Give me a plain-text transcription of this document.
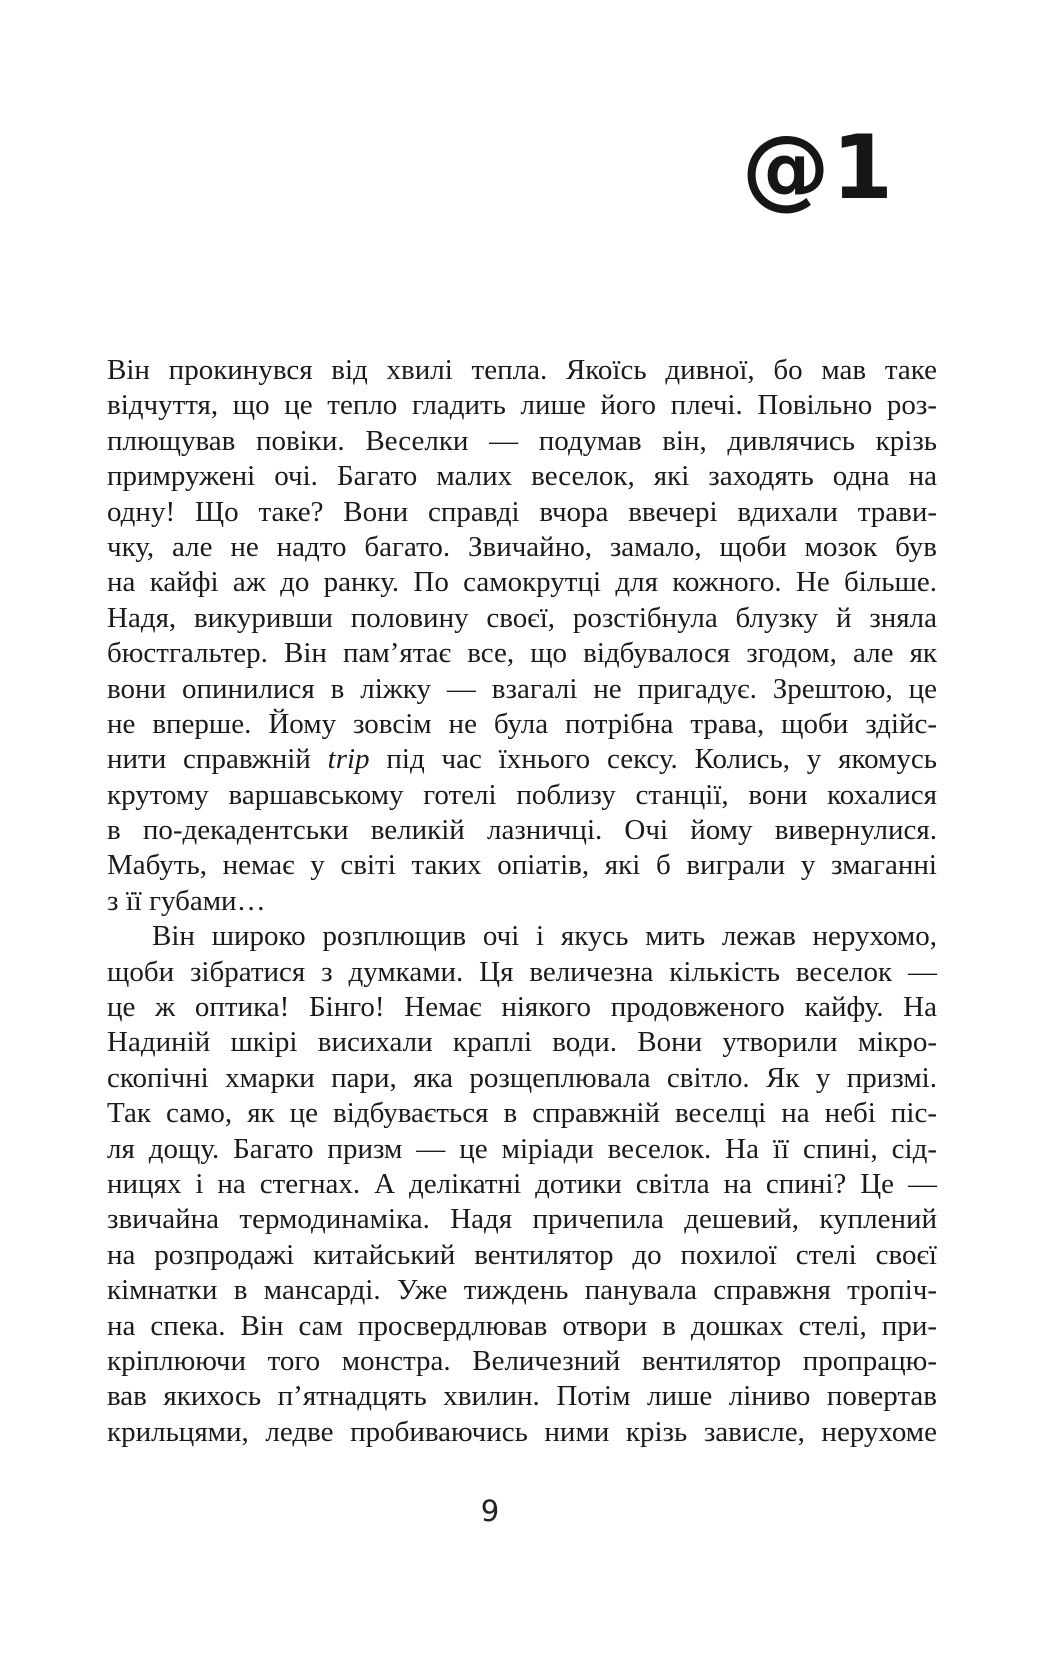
@1
Він прокинувся від хвилі тепла. Якоїсь дивної, бо мав таке
відчуття, що це тепло гладить лише його плечі. Повільно роз-
плющував повіки. Веселки — подумав він, дивлячись крізь
примружені очі. Багато малих веселок, які заходять одна на
одну! Що таке? Вони справді вчора ввечері вдихали трави-
чку, але не надто багато. Звичайно, замало, щоби мозок був
на кайфі аж до ранку. По самокрутці для кожного. Не більше.
Надя, викуривши половину своєї, розстібнула блузку й зняла
бюстгальтер. Він пам’ятає все, що відбувалося згодом, але як
вони опинилися в ліжку — взагалі не пригадує. Зрештою, це
не вперше. Йому зовсім не була потрібна трава, щоби здійс-
нити справжній trip під час їхнього сексу. Колись, у якомусь
крутому варшавському готелі поблизу станції, вони кохалися
в по-декадентськи великій лазничці. Очі йому вивернулися.
Мабуть, немає у світі таких опіатів, які б виграли у змаганні
з її губами…
Він широко розплющив очі і якусь мить лежав нерухомо,
щоби зібратися з думками. Ця величезна кількість веселок —
це ж оптика! Бінго! Немає ніякого продовженого кайфу. На
Надиній шкірі висихали краплі води. Вони утворили мікро-
скопічні хмарки пари, яка розщеплювала світло. Як у призмі.
Так само, як це відбувається в справжній веселці на небі піс-
ля дощу. Багато призм — це міріади веселок. На її спині, сід-
ницях і на стегнах. А делікатні дотики світла на спині? Це —
звичайна термодинаміка. Надя причепила дешевий, куплений
на розпродажі китайський вентилятор до похилої стелі своєї
кімнатки в мансарді. Уже тиждень панувала справжня тропіч-
на спека. Він сам просвердлював отвори в дошках стелі, при-
кріплюючи того монстра. Величезний вентилятор пропрацю-
вав якихось п’ятнадцять хвилин. Потім лише ліниво повертав
крильцями, ледве пробиваючись ними крізь зависле, нерухоме
9
